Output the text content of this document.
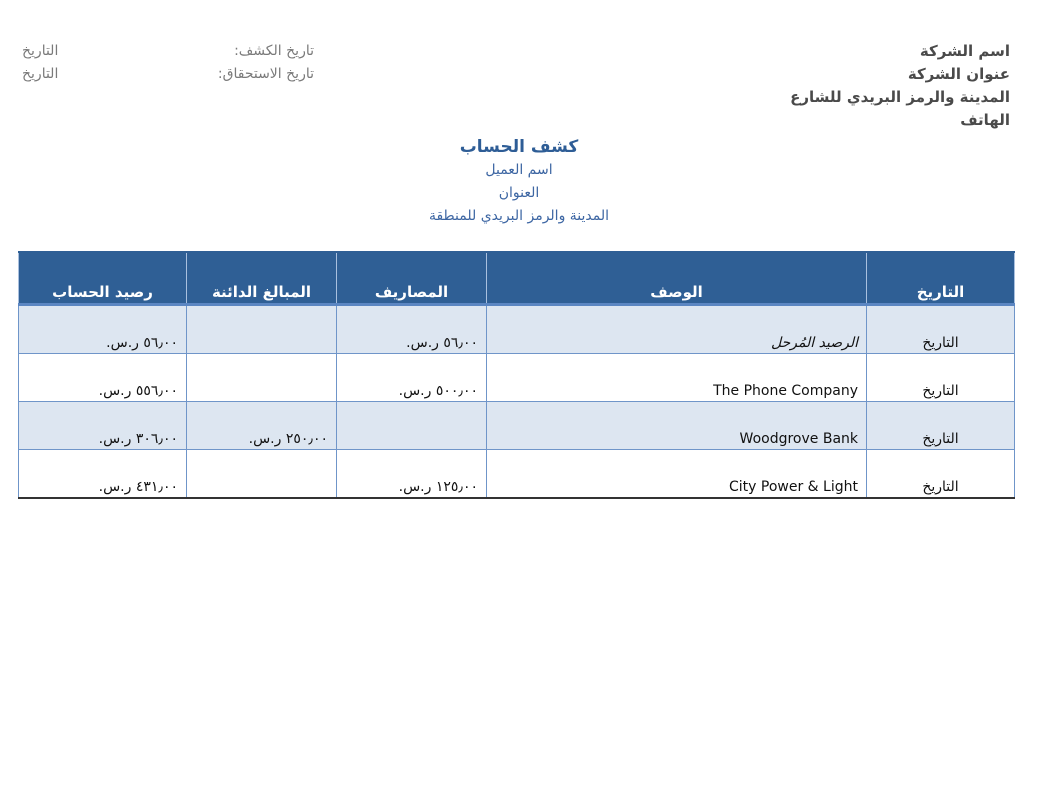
اسم الشركة
عنوان الشركة
المدينة والرمز البريدي للشارع
الهاتف
تاريخ الكشف:
التاريخ
تاريخ الاستحقاق:
التاريخ
كشف الحساب
اسم العميل
العنوان
المدينة والرمز البريدي للمنطقة
التاريخ	الوصف	المصاريف	المبالغ الدائنة	رصيد الحساب
التاريخ	الرصيد المُرحل	٥٦٫٠٠ ر.س.		٥٦٫٠٠ ر.س.
التاريخ	The Phone Company	٥٠٠٫٠٠ ر.س.		٥٥٦٫٠٠ ر.س.
التاريخ	Woodgrove Bank		٢٥٠٫٠٠ ر.س.	٣٠٦٫٠٠ ر.س.
التاريخ	City Power & Light	١٢٥٫٠٠ ر.س.		٤٣١٫٠٠ ر.س.
